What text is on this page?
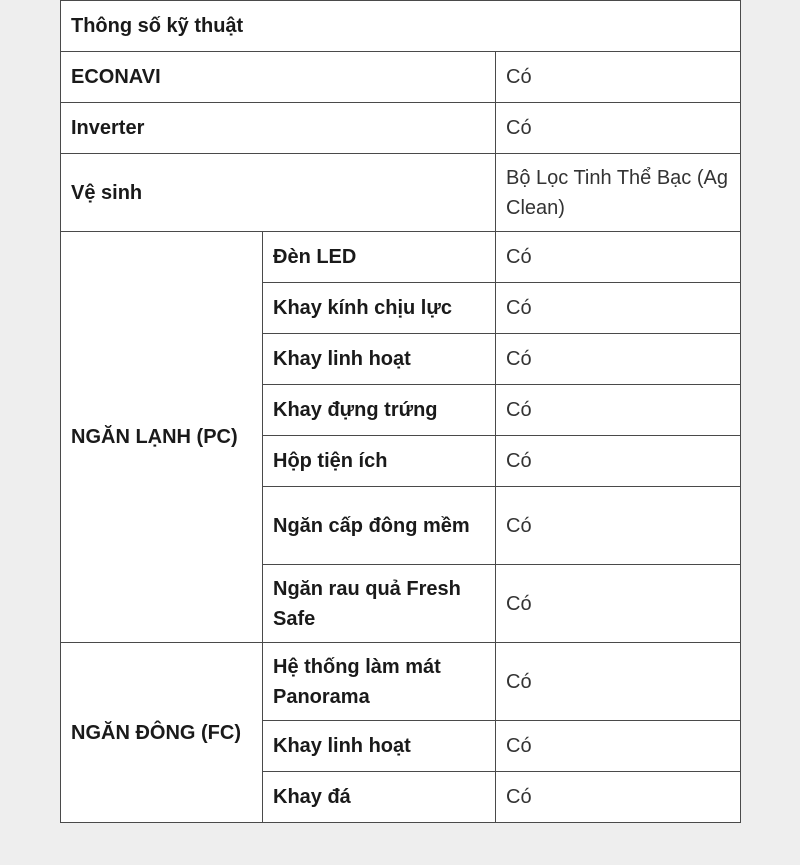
Thông số kỹ thuật		
ECONAVI		Có
Inverter		Có
Vệ sinh		Bộ Lọc Tinh Thể Bạc (Ag Clean)
NGĂN LẠNH (PC)	Đèn LED	Có
	Khay kính chịu lực	Có
	Khay linh hoạt	Có
	Khay đựng trứng	Có
	Hộp tiện ích	Có
	Ngăn cấp đông mềm	Có
	Ngăn rau quả Fresh Safe	Có
NGĂN ĐÔNG (FC)	Hệ thống làm mát Panorama	Có
	Khay linh hoạt	Có
	Khay đá	Có
